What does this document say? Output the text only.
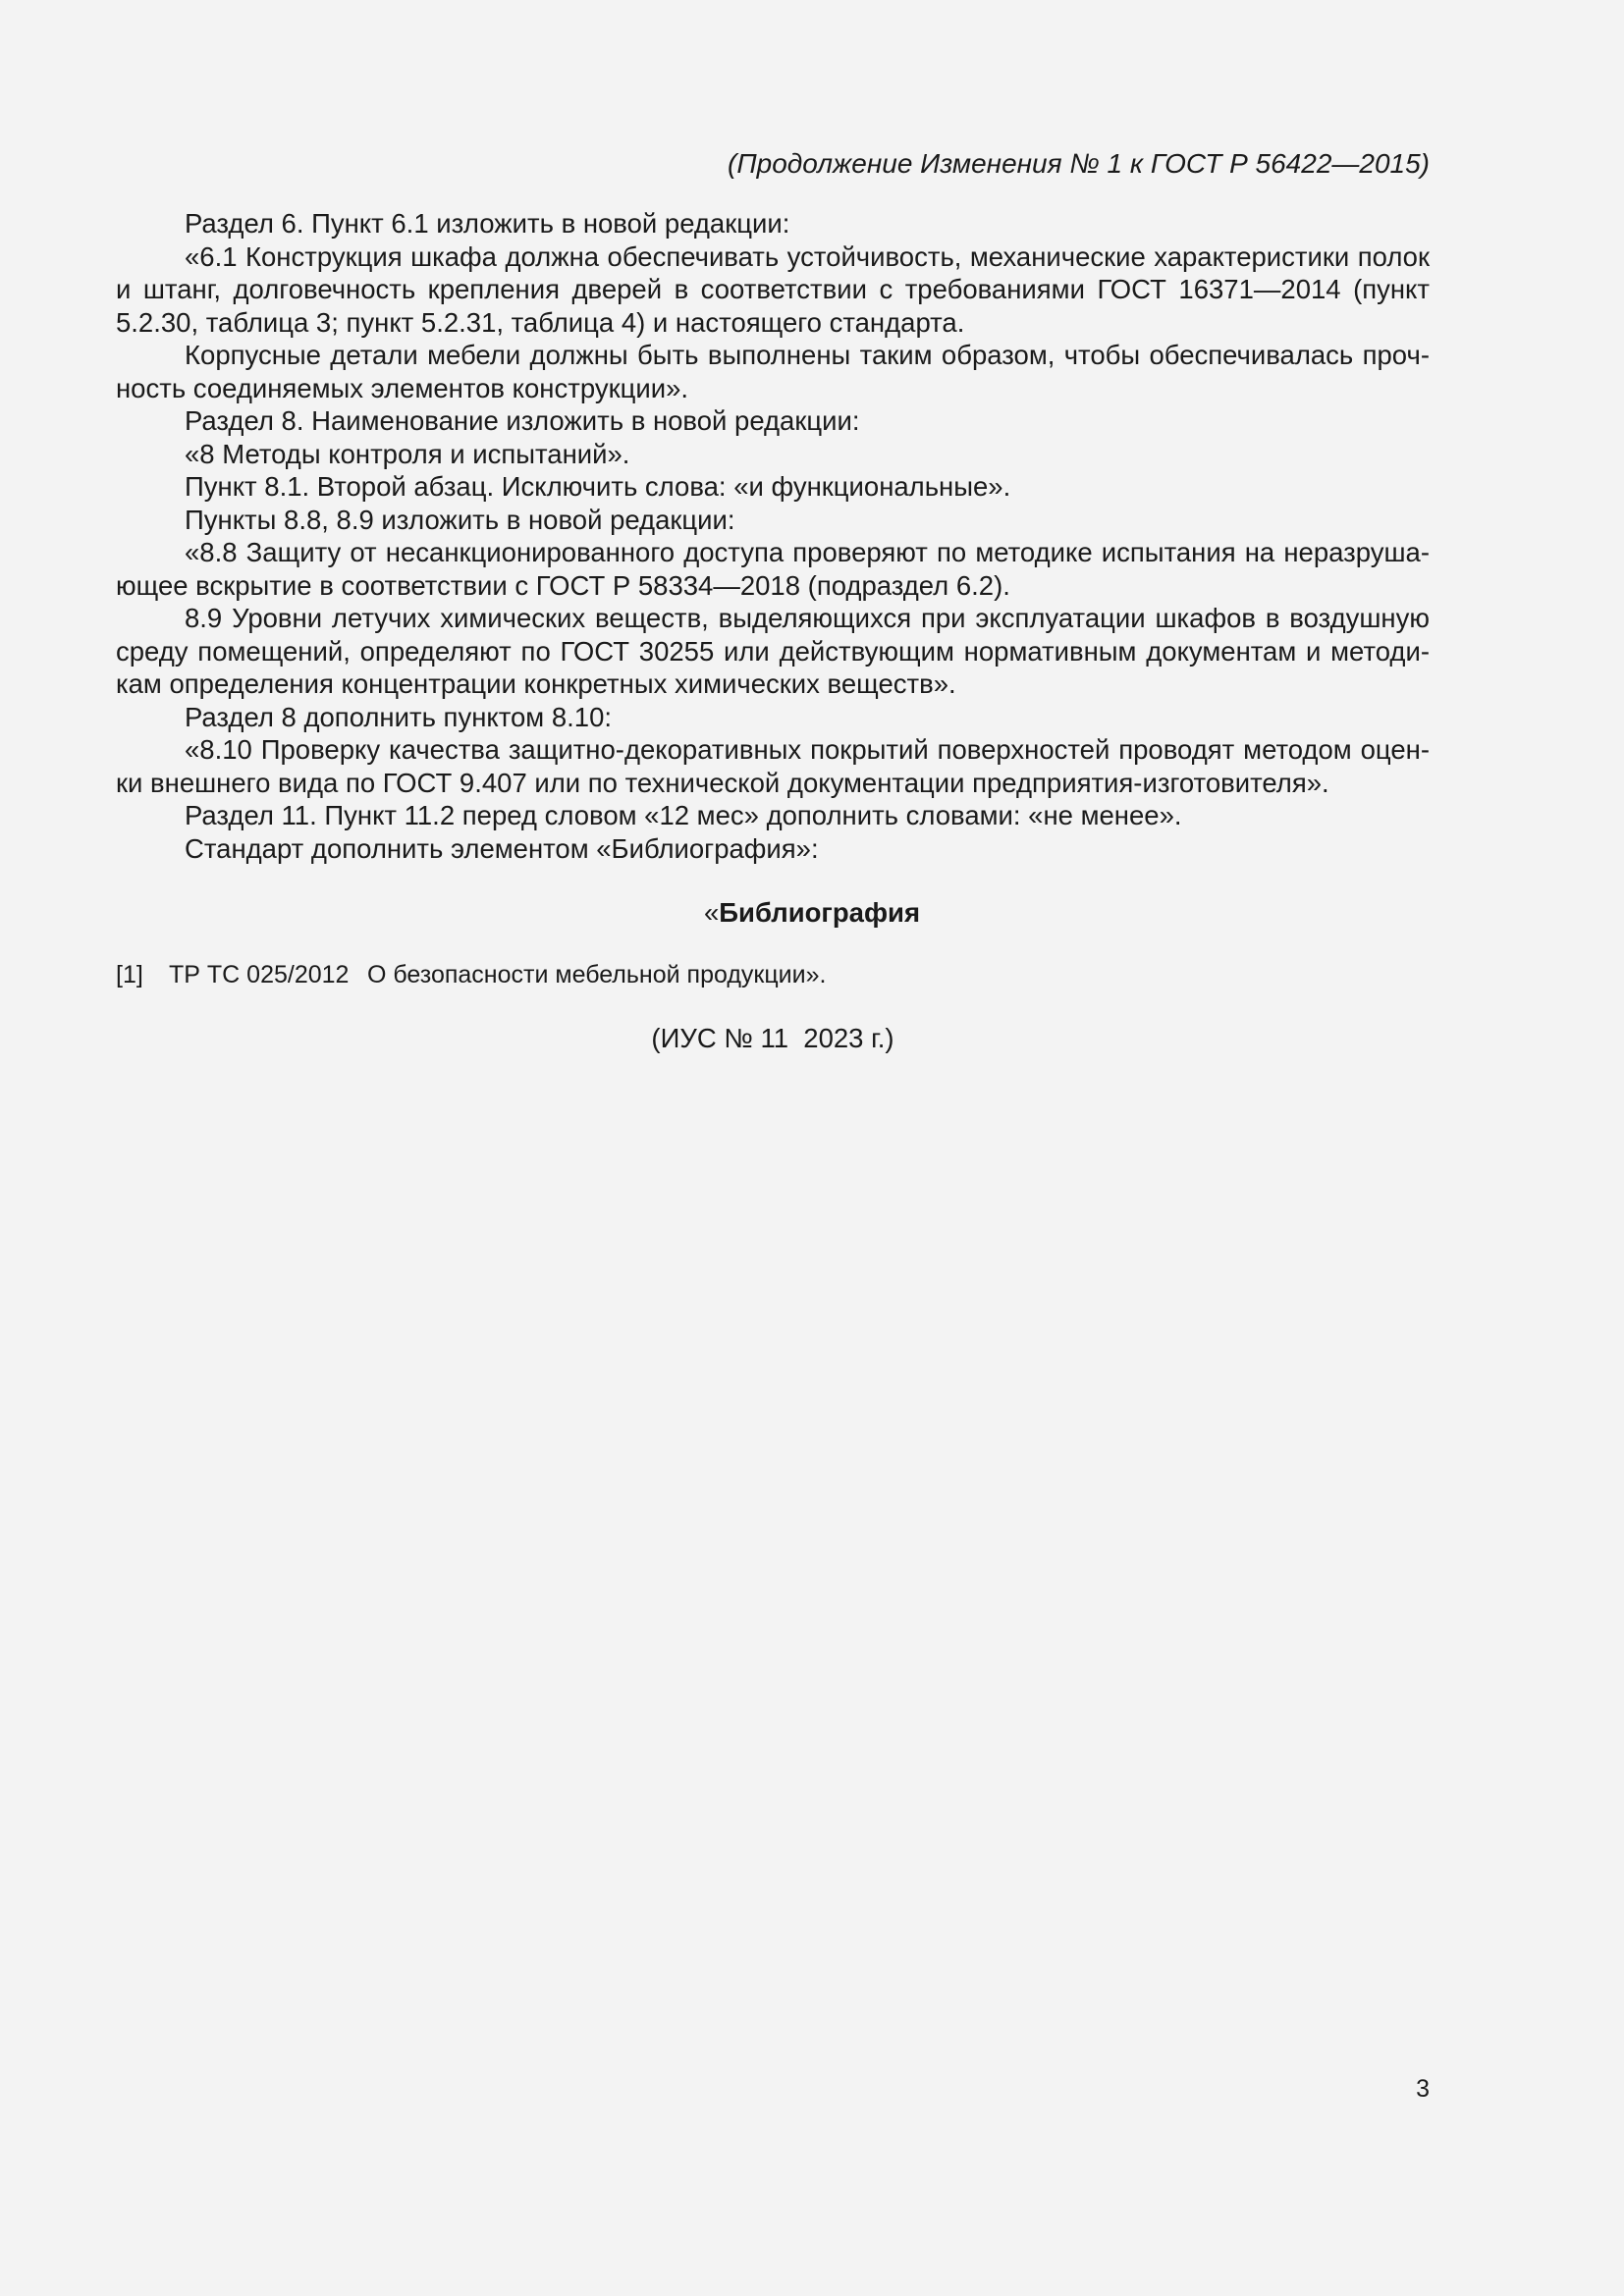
(Продолжение Изменения № 1 к ГОСТ Р 56422—2015)

Раздел 6. Пункт 6.1 изложить в новой редакции:

«6.1 Конструкция шкафа должна обеспечивать устойчивость, механические характеристики полок и штанг, долговечность крепления дверей в соответствии с требованиями ГОСТ 16371—2014 (пункт 5.2.30, таблица 3; пункт 5.2.31, таблица 4) и настоящего стандарта.

Корпусные детали мебели должны быть выполнены таким образом, чтобы обеспечивалась прочность соединяемых элементов конструкции».

Раздел 8. Наименование изложить в новой редакции:

«8 Методы контроля и испытаний».

Пункт 8.1. Второй абзац. Исключить слова: «и функциональные».

Пункты 8.8, 8.9 изложить в новой редакции:

«8.8 Защиту от несанкционированного доступа проверяют по методике испытания на неразрушающее вскрытие в соответствии с ГОСТ Р 58334—2018 (подраздел 6.2).

8.9 Уровни летучих химических веществ, выделяющихся при эксплуатации шкафов в воздушную среду помещений, определяют по ГОСТ 30255 или действующим нормативным документам и методикам определения концентрации конкретных химических веществ».

Раздел 8 дополнить пунктом 8.10:

«8.10 Проверку качества защитно-декоративных покрытий поверхностей проводят методом оценки внешнего вида по ГОСТ 9.407 или по технической документации предприятия-изготовителя».

Раздел 11. Пункт 11.2 перед словом «12 мес» дополнить словами: «не менее».

Стандарт дополнить элементом «Библиография»:

«Библиография
[1]	ТР ТС 025/2012 О безопасности мебельной продукции».
(ИУС № 11  2023 г.)
3
